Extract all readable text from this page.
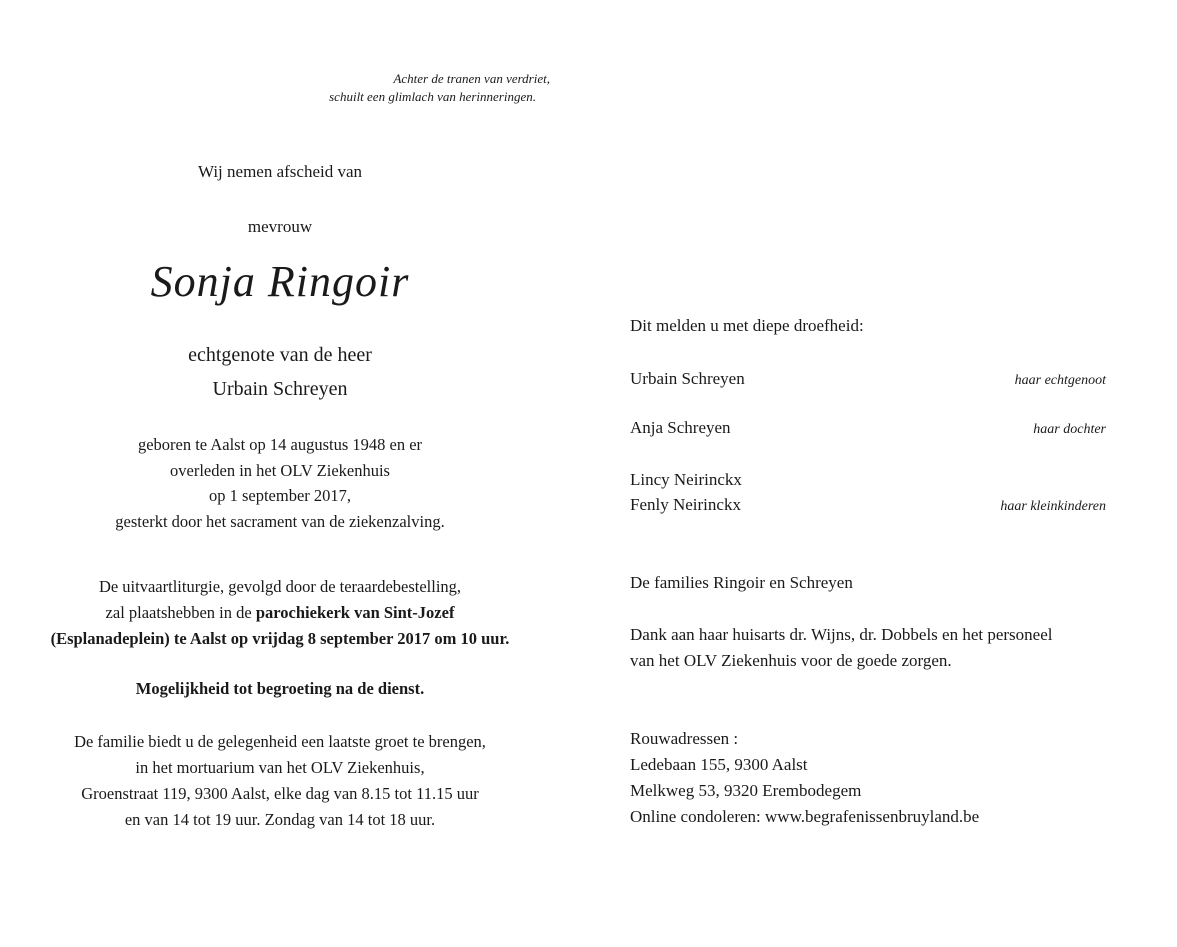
Achter de tranen van verdriet,
schuilt een glimlach van herinneringen.
Wij nemen afscheid van
mevrouw
Sonja Ringoir
echtgenote van de heer
Urbain Schreyen
geboren te Aalst op 14 augustus 1948 en er
overleden in het OLV Ziekenhuis
op 1 september 2017,
gesterkt door het sacrament van de ziekenzalving.
De uitvaartliturgie, gevolgd door de teraardebestelling,
zal plaatshebben in de parochiekerk van Sint-Jozef
(Esplanadeplein) te Aalst op vrijdag 8 september 2017 om 10 uur.
Mogelijkheid tot begroeting na de dienst.
De familie biedt u de gelegenheid een laatste groet te brengen,
in het mortuarium van het OLV Ziekenhuis,
Groenstraat 119, 9300 Aalst, elke dag van 8.15 tot 11.15 uur
en van 14 tot 19 uur. Zondag van 14 tot 18 uur.
Dit melden u met diepe droefheid:
Urbain Schreyen	haar echtgenoot
Anja Schreyen	haar dochter
Lincy Neirinckx
Fenly Neirinckx	haar kleinkinderen
De families Ringoir en Schreyen
Dank aan haar huisarts dr. Wijns, dr. Dobbels en het personeel
van het OLV Ziekenhuis voor de goede zorgen.
Rouwadressen :
Ledebaan 155, 9300 Aalst
Melkweg 53, 9320 Erembodegem
Online condoleren: www.begrafenissenbruyland.be
